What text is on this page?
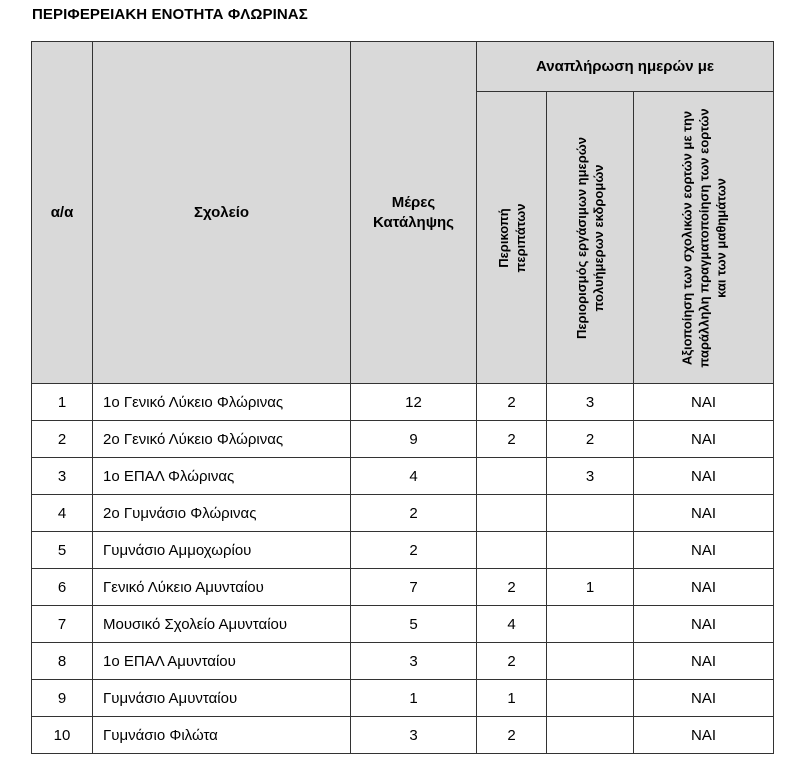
ΠΕΡΙΦΕΡΕΙΑΚΗ ΕΝΟΤΗΤΑ ΦΛΩΡΙΝΑΣ
α/α	Σχολείο	Μέρες Κατάληψης	Αναπλήρωση ημερών με		

			Περικοπή περιπάτων	Περιορισμός εργάσιμων ημερών πολυήμερων εκδρομών	Αξιοποίηση των σχολικών εορτών με την παράλληλη πραγματοποίηση των εορτών και των μαθημάτων

1	1ο Γενικό Λύκειο Φλώρινας	12	2	3	ΝΑΙ
2	2ο Γενικό Λύκειο Φλώρινας	9	2	2	ΝΑΙ
3	1ο ΕΠΑΛ Φλώρινας	4		3	ΝΑΙ
4	2ο Γυμνάσιο Φλώρινας	2			ΝΑΙ
5	Γυμνάσιο Αμμοχωρίου	2			ΝΑΙ
6	Γενικό Λύκειο Αμυνταίου	7	2	1	ΝΑΙ
7	Μουσικό Σχολείο Αμυνταίου	5	4		ΝΑΙ
8	1ο ΕΠΑΛ Αμυνταίου	3	2		ΝΑΙ
9	Γυμνάσιο Αμυνταίου	1	1		ΝΑΙ
10	Γυμνάσιο Φιλώτα	3	2		ΝΑΙ
